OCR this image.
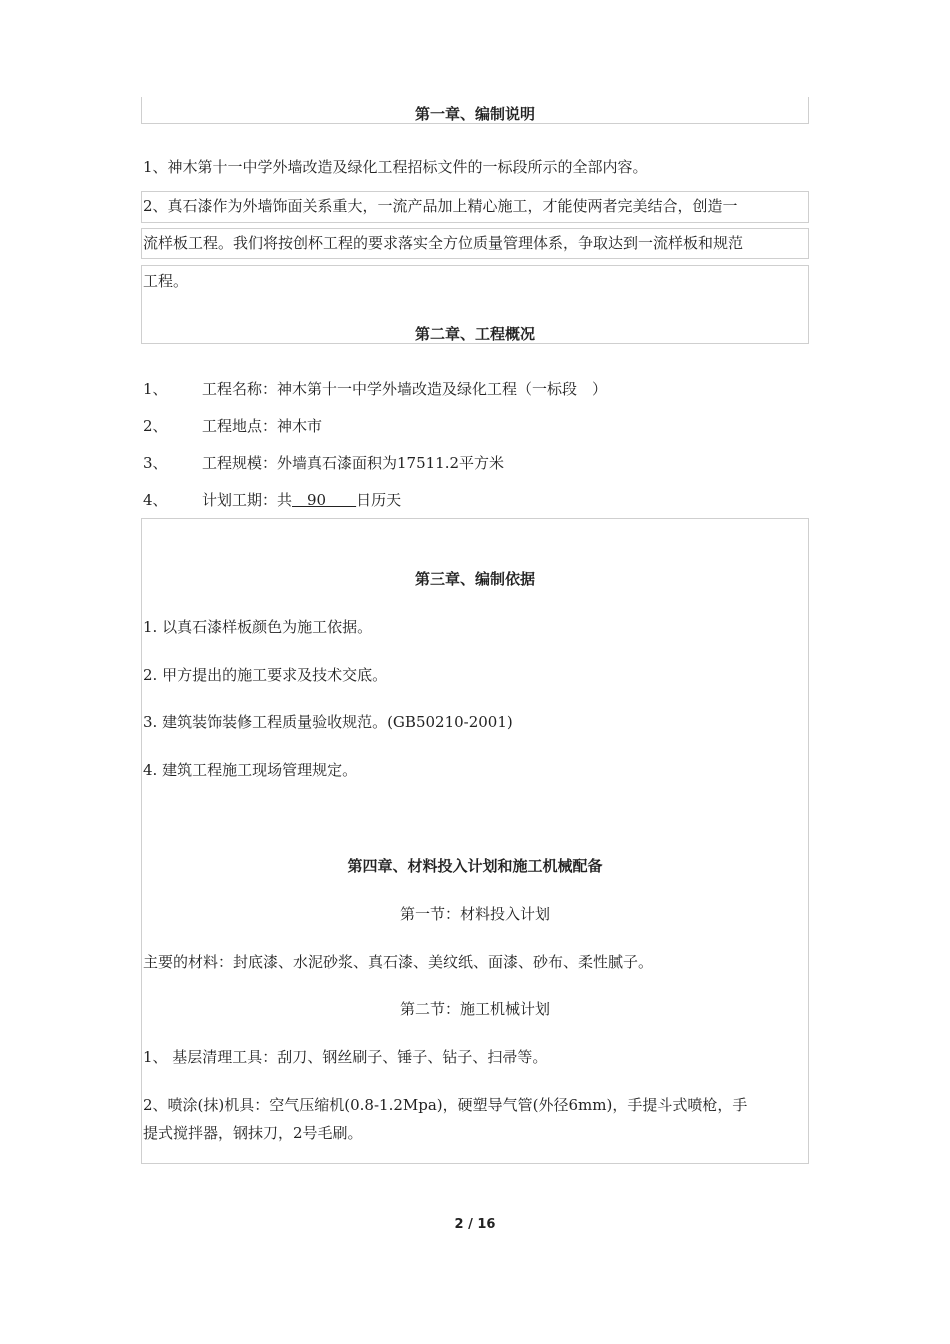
第一章、编制说明
1、神木第十一中学外墙改造及绿化工程招标文件的一标段所示的全部内容。
2、真石漆作为外墙饰面关系重大，一流产品加上精心施工，才能使两者完美结合，创造一
流样板工程。我们将按创杯工程的要求落实全方位质量管理体系，争取达到一流样板和规范
工程。
第二章、工程概况
1、 工程名称：神木第十一中学外墙改造及绿化工程（一标段　）
2、 工程地点：神木市
3、 工程规模：外墙真石漆面积为17511.2平方米
4、 计划工期：共　90　　日历天
第三章、编制依据
1. 以真石漆样板颜色为施工依据。
2. 甲方提出的施工要求及技术交底。
3. 建筑装饰装修工程质量验收规范。(GB50210-2001)
4. 建筑工程施工现场管理规定。
第四章、材料投入计划和施工机械配备
第一节：材料投入计划
主要的材料：封底漆、水泥砂浆、真石漆、美纹纸、面漆、砂布、柔性腻子。
第二节：施工机械计划
1、 基层清理工具：刮刀、钢丝刷子、锤子、钻子、扫帚等。
2、喷涂(抹)机具：空气压缩机(0.8-1.2Mpa)，硬塑导气管(外径6mm)，手提斗式喷枪，手
提式搅拌器，钢抹刀，2号毛刷。
2 / 16
